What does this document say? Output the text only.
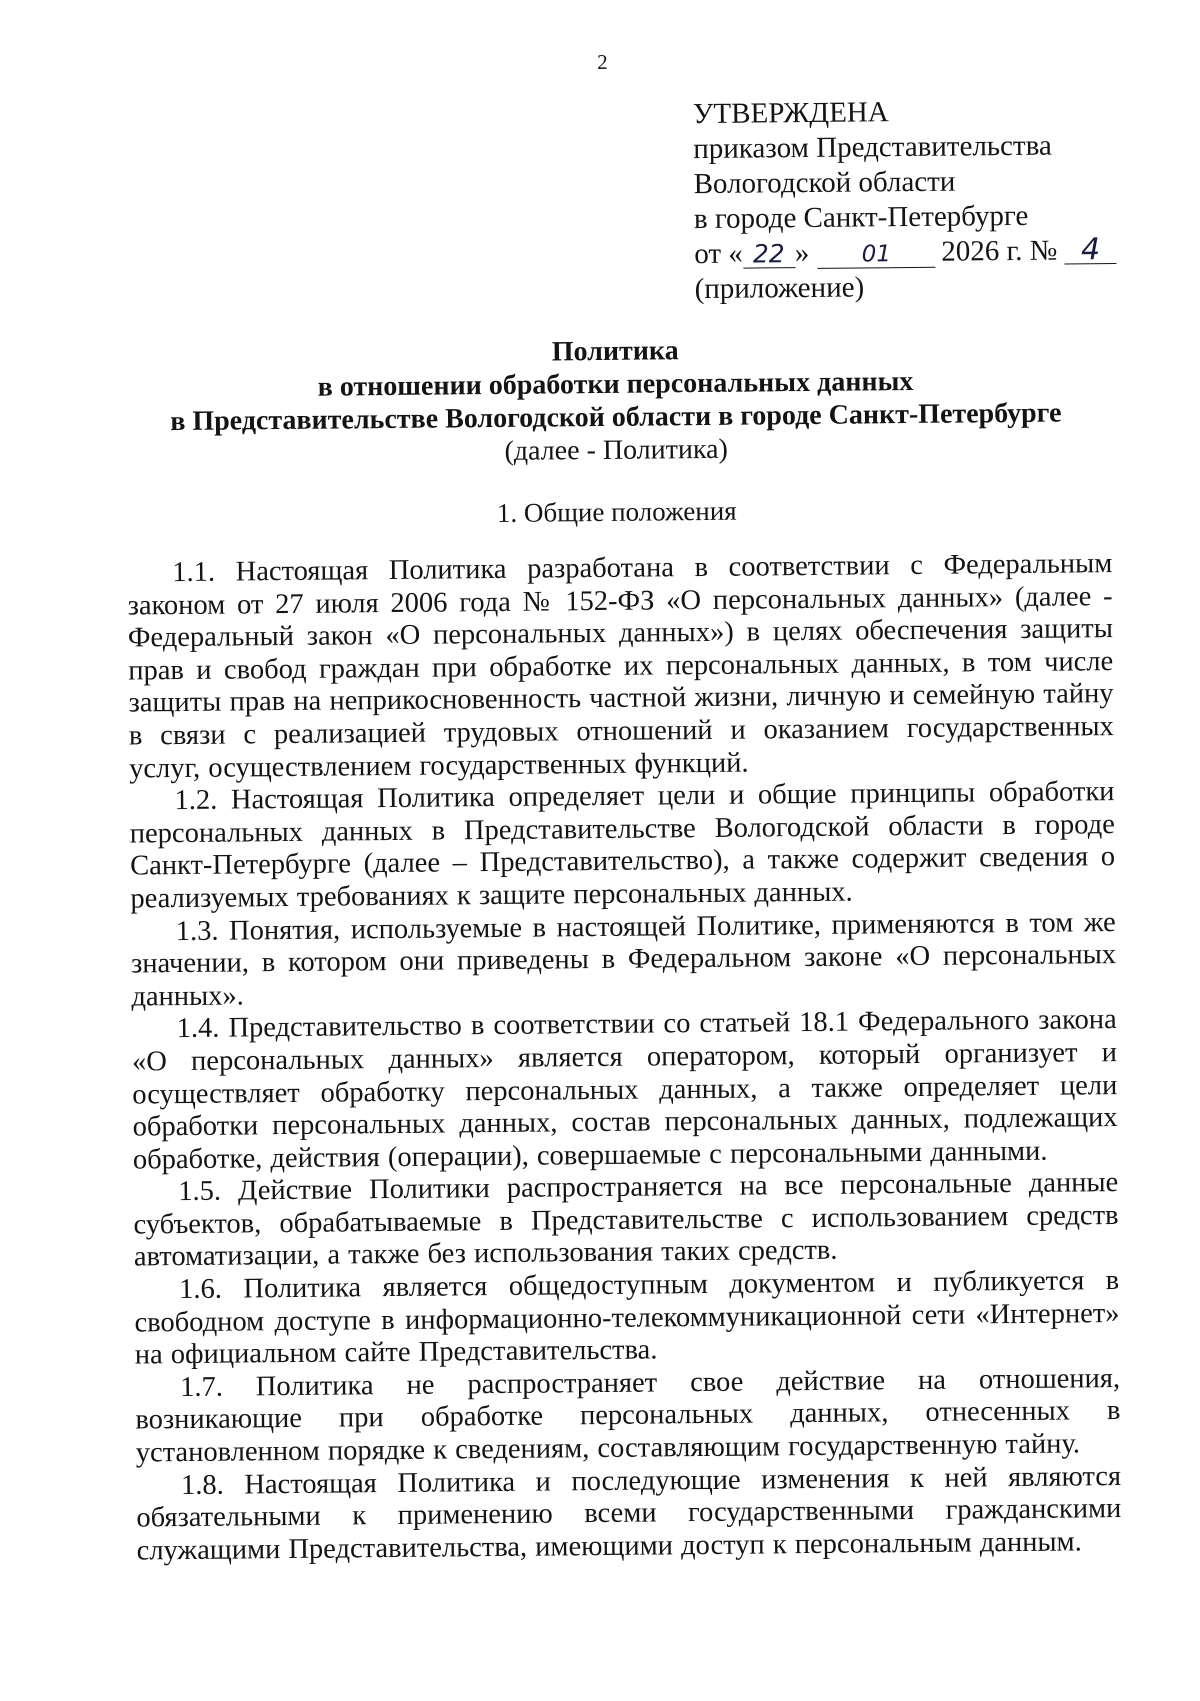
2
УТВЕРЖДЕНА
приказом Представительства
Вологодской области
в городе Санкт-Петербурге
от « 22 » 01 2026 г. № 4
(приложение)
Политика
в отношении обработки персональных данных
в Представительстве Вологодской области в городе Санкт-Петербурге
(далее - Политика)
1. Общие положения

1.1. Настоящая Политика разработана в соответствии с Федеральным законом от 27 июля 2006 года № 152-ФЗ «О персональных данных» (далее - Федеральный закон «О персональных данных») в целях обеспечения защиты прав и свобод граждан при обработке их персональных данных, в том числе защиты прав на неприкосновенность частной жизни, личную и семейную тайну в связи с реализацией трудовых отношений и оказанием государственных услуг, осуществлением государственных функций.

1.2. Настоящая Политика определяет цели и общие принципы обработки персональных данных в Представительстве Вологодской области в городе Санкт-Петербурге (далее – Представительство), а также содержит сведения о реализуемых требованиях к защите персональных данных.

1.3. Понятия, используемые в настоящей Политике, применяются в том же значении, в котором они приведены в Федеральном законе «О персональных данных».

1.4. Представительство в соответствии со статьей 18.1 Федерального закона «О персональных данных» является оператором, который организует и осуществляет обработку персональных данных, а также определяет цели обработки персональных данных, состав персональных данных, подлежащих обработке, действия (операции), совершаемые с персональными данными.

1.5. Действие Политики распространяется на все персональные данные субъектов, обрабатываемые в Представительстве с использованием средств автоматизации, а также без использования таких средств.

1.6. Политика является общедоступным документом и публикуется в свободном доступе в информационно-телекоммуникационной сети «Интернет» на официальном сайте Представительства.

1.7. Политика не распространяет свое действие на отношения, возникающие при обработке персональных данных, отнесенных в установленном порядке к сведениям, составляющим государственную тайну.

1.8. Настоящая Политика и последующие изменения к ней являются обязательными к применению всеми государственными гражданскими служащими Представительства, имеющими доступ к персональным данным.
